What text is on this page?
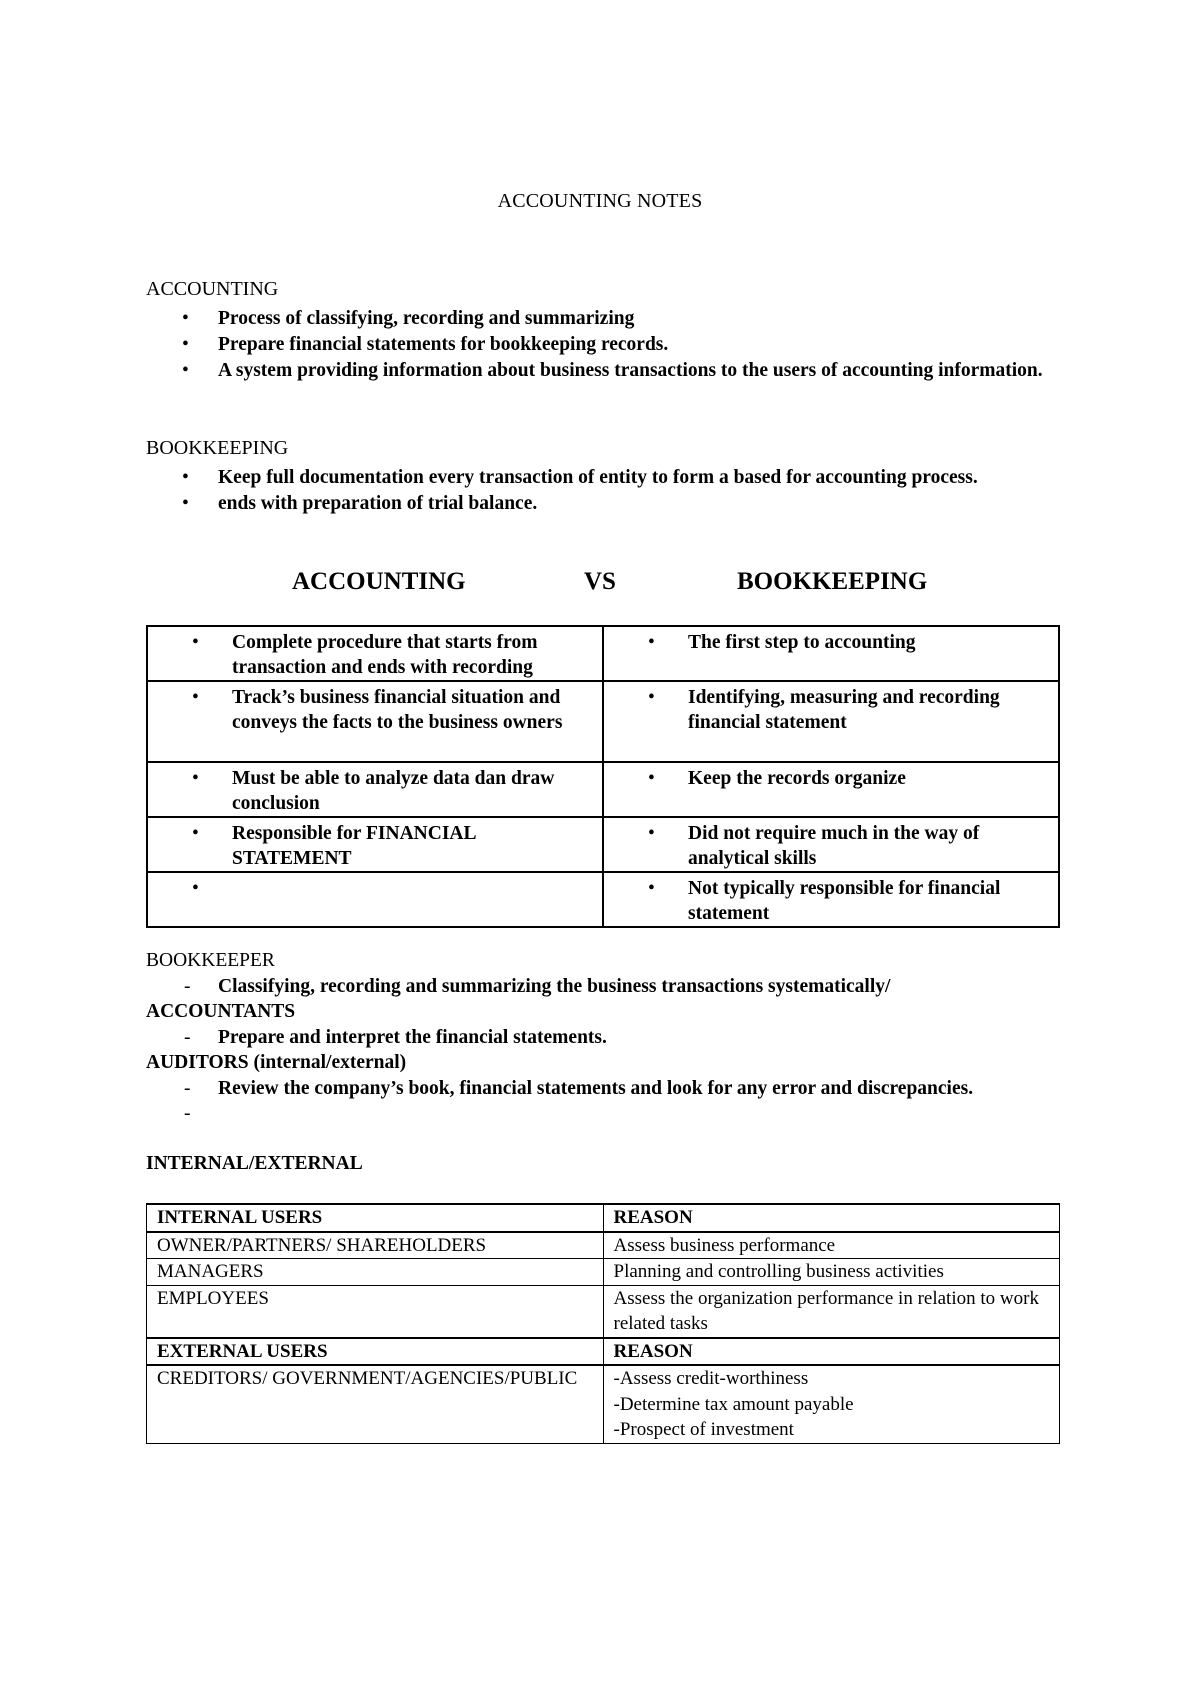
ACCOUNTING NOTES
ACCOUNTING
• Process of classifying, recording and summarizing
• Prepare financial statements for bookkeeping records.
• A system providing information about business transactions to the users of accounting information.
BOOKKEEPING
• Keep full documentation every transaction of entity to form a based for accounting process.
• ends with preparation of trial balance.
ACCOUNTING	VS	BOOKKEEPING
• Complete procedure that starts from transaction and ends with recording	• The first step to accounting

• Track’s business financial situation and conveys the facts to the business owners	• Identifying, measuring and recording financial statement

• Must be able to analyze data dan draw conclusion	• Keep the records organize

• Responsible for FINANCIAL STATEMENT	• Did not require much in the way of analytical skills

•	• Not typically responsible for financial statement
BOOKKEEPER
- Classifying, recording and summarizing the business transactions systematically/
ACCOUNTANTS
- Prepare and interpret the financial statements.
AUDITORS (internal/external)
- Review the company’s book, financial statements and look for any error and discrepancies.
-
INTERNAL/EXTERNAL
INTERNAL USERS	REASON
OWNER/PARTNERS/ SHAREHOLDERS	Assess business performance
MANAGERS	Planning and controlling business activities
EMPLOYEES	Assess the organization performance in relation to work related tasks
EXTERNAL USERS	REASON
CREDITORS/ GOVERNMENT/AGENCIES/PUBLIC	-Assess credit-worthiness
-Determine tax amount payable
-Prospect of investment
